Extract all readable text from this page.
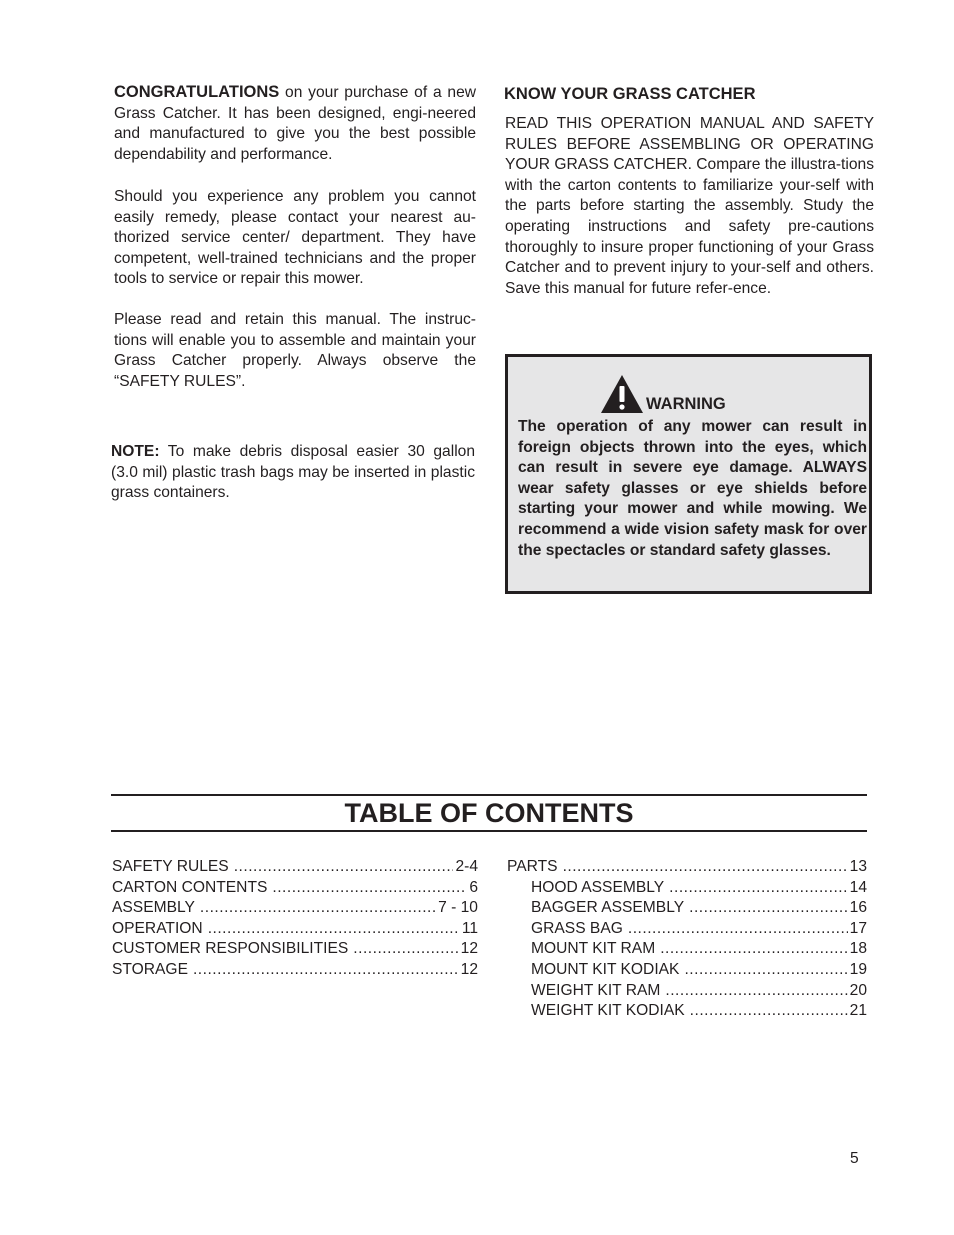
CONGRATULATIONS on your purchase of a new Grass Catcher. It has been designed, engi-neered and manufactured to give you the best possible dependability and performance.

Should you experience any problem you cannot easily remedy, please contact your nearest au-thorized service center/ department. They have competent, well-trained technicians and the proper tools to service or repair this mower.

Please read and retain this manual. The instruc-tions will enable you to assemble and maintain your Grass Catcher properly. Always observe the “SAFETY RULES”.

NOTE: To make debris disposal easier 30 gallon (3.0 mil) plastic trash bags may be inserted in plastic grass containers.

KNOW YOUR GRASS CATCHER

READ THIS OPERATION MANUAL AND SAFETY RULES BEFORE ASSEMBLING OR OPERATING YOUR GRASS CATCHER. Compare the illustra-tions with the carton contents to familiarize your-self with the parts before starting the assembly. Study the operating instructions and safety pre-cautions thoroughly to insure proper functioning of your Grass Catcher and to prevent injury to your-self and others. Save this manual for future refer-ence.

WARNING

The operation of any mower can result in foreign objects thrown into the eyes, which can result in severe eye damage. ALWAYS wear safety glasses or eye shields before starting your mower and while mowing. We recommend a wide vision safety mask for over the spectacles or standard safety glasses.

TABLE OF CONTENTS
SAFETY RULES .....	2-4
CARTON CONTENTS .....	6
ASSEMBLY .....	7 - 10
OPERATION .....	11
CUSTOMER RESPONSIBILITIES .....	12
STORAGE .....	12
PARTS .....	13
HOOD ASSEMBLY .....	14
BAGGER ASSEMBLY .....	16
GRASS BAG .....	17
MOUNT KIT RAM .....	18
MOUNT KIT KODIAK .....	19
WEIGHT KIT RAM .....	20
WEIGHT KIT KODIAK .....	21
5
